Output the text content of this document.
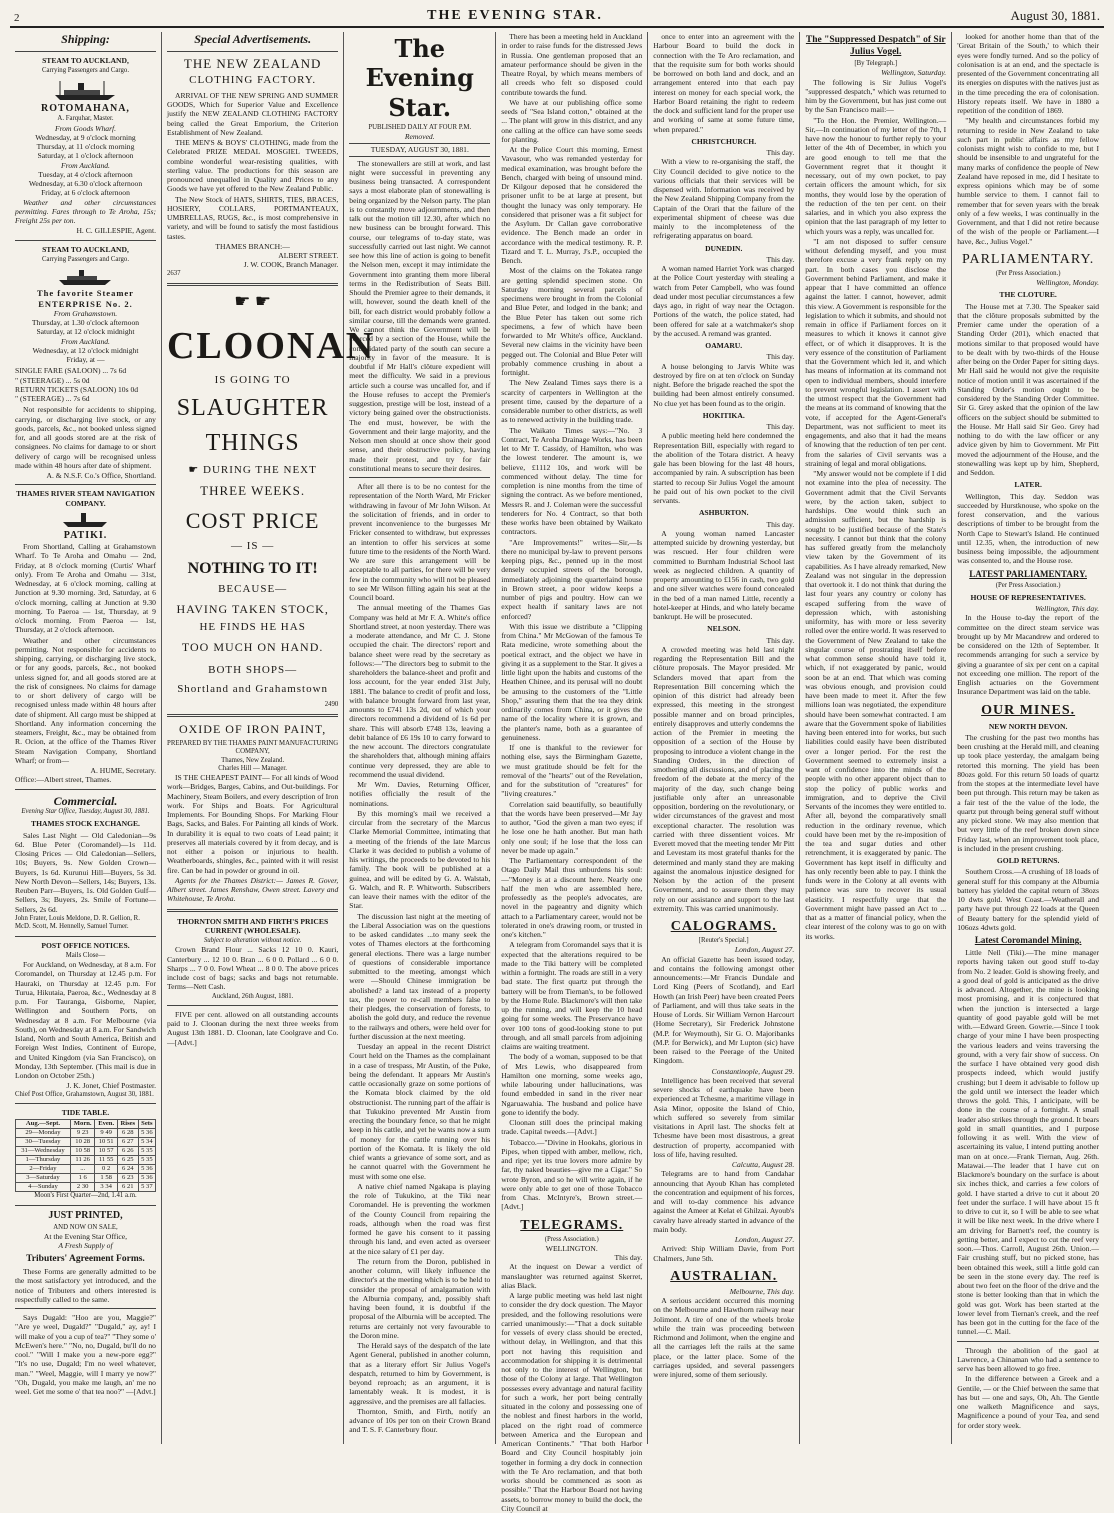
2	THE EVENING STAR.	August 30, 1881.
Shipping:
STEAM TO AUCKLAND,
Carrying Passengers and Cargo.
ROTOMAHANA,
A. Farquhar, Master.
From Goods Wharf.
Wednesday, at 9 o'clock morning
Thursday, at 11 o'clock morning
Saturday, at 1 o'clock afternoon
From Auckland.
Tuesday, at 4 o'clock afternoon
Wednesday, at 6.30 o'clock afternoon
Friday, at 6 o'clock afternoon

Weather and other circumstances permitting. Fares through to Te Aroha, 15s; Freight 25s per ton.

H. C. GILLESPIE, Agent.
STEAM TO AUCKLAND,
Carrying Passengers and Cargo.
The favorite Steamer ENTERPRISE No. 2.
From Grahamstown.
Thursday, at 1.30 o'clock afternoon
Saturday, at 12 o'clock midnight
From Auckland.
Wednesday, at 12 o'clock midnight
Friday, at —
SINGLE FARE (SALOON) ... 7s 6d
" (STEERAGE) ... 5s 0d
RETURN TICKETS (SALOON) 10s 0d
" (STEERAGE) ... 7s 6d

Not responsible for accidents to shipping, carrying, or discharging live stock, or any goods, parcels, &c., not booked unless signed for, and all goods stored are at the risk of consignees. No claims for damage to or short delivery of cargo will be recognised unless made within 48 hours after date of shipment.

A. & N.S.F. Co.'s Office, Shortland.
THAMES RIVER STEAM NAVIGATION COMPANY.
PATIKI.

From Shortland, Calling at Grahamstown Wharf. To Te Aroha and Omahu — 2nd, Friday, at 8 o'clock morning (Curtis' Wharf only). From Te Aroha and Omahu — 31st, Wednesday, at 6 o'clock morning, calling at Junction at 9.30 morning. 3rd, Saturday, at 6 o'clock morning, calling at Junction at 9.30 morning. To Paeroa — 1st, Thursday, at 9 o'clock morning. From Paeroa — 1st, Thursday, at 2 o'clock afternoon.

Weather and other circumstances permitting. Not responsible for accidents to shipping, carrying, or discharging live stock, or for any goods, parcels, &c., not booked unless signed for, and all goods stored are at the risk of consignees. No claims for damage to or short delivery of cargo will be recognised unless made within 48 hours after date of shipment. All cargo must be shipped at Shortland. Any information concerning the steamers, Freight, &c., may be obtained from R. Ocion, at the office of the Thames River Steam Navigation Company, Shortland Wharf; or from—

A. HUME, Secretary.
Office:—Albert street, Thames.
Commercial.
Evening Star Office, Tuesday, August 30, 1881.
THAMES STOCK EXCHANGE.

Sales Last Night — Old Caledonian—9s 6d. Blue Peter (Coromandel)—1s 11d. Closing Prices — Old Caledonian—Sellers, 10s; Buyers, 9s. New Golden Crown—Buyers, 1s 6d. Kurunui Hill—Buyers, 5s 3d. New North Devon—Sellers, 14s; Buyers, 13s. Reuben Parr—Buyers, 1s. Old Golden Gulf—Sellers, 3s; Buyers, 2s. Smile of Fortune—Sellers, 2s 6d.

John Frater, Louis Meldone, D. R. Gellion, R. McD. Scott, M. Hennelly, Samuel Turner.
POST OFFICE NOTICES.
Mails Close—

For Auckland, on Wednesday, at 8 a.m. For Coromandel, on Thursday at 12.45 p.m. For Hauraki, on Thursday at 12.45 p.m. For Turua, Hikutaia, Paeroa, &c., Wednesday at 8 p.m. For Tauranga, Gisborne, Napier, Wellington and Southern Ports, on Wednesday at 8 a.m. For Melbourne (via South), on Wednesday at 8 a.m. For Sandwich Island, North and South America, British and Foreign West Indies, Continent of Europe, and United Kingdom (via San Francisco), on Monday, 13th September. (This mail is due in London on October 25th.)

J. K. Jonet, Chief Postmaster.
Chief Post Office, Grahamstown, August 30, 1881.
TIDE TABLE.
Aug.—Sept.	Morn.	Even.	Rises	Sets
29—Monday	9 23	9 49	6 28	5 36
30—Tuesday	10 28	10 51	6 27	5 34
31—Wednesday	10 58	10 57	6 26	5 35
1—Thursday	11 26	11 55	6 25	5 35
2—Friday	...	0 2	6 24	5 36
3—Saturday	1 6	1 58	6 23	5 36
4—Sunday	2 30	3 34	6 21	5 37
Moon's First Quarter—2nd, 1.41 a.m.
JUST PRINTED,
AND NOW ON SALE,
At the Evening Star Office,
A Fresh Supply of
Tributers' Agreement Forms.

These Forms are generally admitted to be the most satisfactory yet introduced, and the notice of Tributers and others interested is respectfully called to the same.

Says Dugald: "Hoo are you, Maggie?" "Are ye weel, Dugald?" "Dugald," ay, ay! I will make of you a cup of tea?" "They some o' McEwen's here." "No, no, Dugald, bu'll do no cool." "Will I make you a new-pore egg?" "It's no use, Dugald; I'm no weel whatever, man." "Weel, Maggie, will I marry ye now?" "Oh, Dugald, you make me laugh, an' me no weel. Get me some o' that tea noo?" —[Advt.]

Special Advertisements.
THE NEW ZEALAND
CLOTHING FACTORY.

ARRIVAL OF THE NEW SPRING AND SUMMER GOODS, Which for Superior Value and Excellence justify the NEW ZEALAND CLOTHING FACTORY being called the Great Emporium, the Criterion Establishment of New Zealand.

THE MEN'S & BOYS' CLOTHING, made from the Celebrated PRIZE MEDAL MOSGIEL TWEEDS, combine wonderful wear-resisting qualities, with sterling value. The productions for this season are pronounced unequalled in Quality and Prices to any Goods we have yet offered to the New Zealand Public.

The New Stock of HATS, SHIRTS, TIES, BRACES, HOSIERY, COLLARS, PORTMANTEAUX, UMBRELLAS, RUGS, &c., is most comprehensive in variety, and will be found to satisfy the most fastidious tastes.

THAMES BRANCH:—
ALBERT STREET.
J. W. COOK, Branch Manager.
2637
☛ ☛
CLOONAN
IS GOING TO
SLAUGHTER
THINGS
☛ DURING THE NEXT
THREE WEEKS.
COST PRICE
— IS —
NOTHING TO IT!
BECAUSE—
HAVING TAKEN STOCK,
HE FINDS HE HAS
TOO MUCH ON HAND.
BOTH SHOPS—
Shortland and Grahamstown
2490
OXIDE OF IRON PAINT,
PREPARED BY THE THAMES PAINT MANUFACTURING COMPANY,
Thames, New Zealand.
Charles Hill — Manager.

IS THE CHEAPEST PAINT— For all kinds of Wood work—Bridges, Barges, Cabins, and Out-buildings. For Machinery, Steam Boilers, and every description of Iron work. For Ships and Boats. For Agricultural Implements. For Bounding Shops. For Marking Flour Bags, Sacks, and Bales. For Painting all kinds of Work. In durability it is equal to two coats of Lead paint; it preserves all materials covered by it from decay, and is not either a poison or injurious to health. Weatherboards, shingles, &c., painted with it will resist fire. Can be had in powder or ground in oil.

Agents for the Thames District:— James R. Gover, Albert street. James Renshaw, Owen street. Lavery and Whitehouse, Te Aroha.

THORNTON SMITH AND FIRTH'S PRICES CURRENT (WHOLESALE).
Subject to alteration without notice.

Crown Brand Flour ... Sacks 12 10 0. Kauri, Canterbury ... 12 10 0. Bran ... 6 0 0. Pollard ... 6 0 0. Sharps ... 7 0 0. Fowl Wheat ... 8 0 0. The above prices include cost of bags; sacks and bags not returnable. Terms—Nett Cash.

Auckland, 26th August, 1881.

FIVE per cent. allowed on all outstanding accounts paid to J. Cloonan during the next three weeks from August 13th 1881. D. Cloonan, late Coolgrave and Co. —[Advt.]

The Evening Star.
PUBLISHED DAILY AT FOUR P.M.
Removed.
TUESDAY, AUGUST 30, 1881.

The stonewallers are still at work, and last night were successful in preventing any business being transacted. A correspondent says a most elaborate plan of stonewalling is being organized by the Nelson party. The plan is to constantly move adjournments, and then talk out the motion till 12.30, after which no new business can be brought forward. This course, our telegrams of to-day state, was successfully carried out last night. We cannot see how this line of action is going to benefit the Nelson men, except it may intimidate the Government into granting them more liberal terms in the Redistribution of Seats Bill. Should the Premier agree to their demands, it will, however, sound the death knell of the bill, for each district would probably follow a similar course, till the demands were granted. We cannot think the Government will be coerced by a section of the House, while the consolidated party of the south can secure a majority in favor of the measure. It is doubtful if Mr Hall's clôture expedient will meet the difficulty. We said in a previous article such a course was uncalled for, and if the House refuses to accept the Premier's suggestion, prestige will be lost, instead of a victory being gained over the obstructionists. The end must, however, be with the Government and their large majority, and the Nelson men should at once show their good sense, and their obstructive policy, having made their protest, and try for fair constitutional means to secure their desires.

After all there is to be no contest for the representation of the North Ward, Mr Fricker withdrawing in favour of Mr John Wilson. At the solicitation of friends, and in order to prevent inconvenience to the burgesses Mr Fricker consented to withdraw, but expresses an intention to offer his services at some future time to the residents of the North Ward. We are sure this arrangement will be acceptable to all parties, for there will be very few in the community who will not be pleased to see Mr Wilson filling again his seat at the Council board.

The annual meeting of the Thames Gas Company was held at Mr F. A. White's office Shortland street, at noon yesterday. There was a moderate attendance, and Mr C. J. Stone occupied the chair. The directors' report and balance sheet were read by the secretary as follows:—"The directors beg to submit to the shareholders the balance-sheet and profit and loss account, for the year ended 31st July, 1881. The balance to credit of profit and loss, with balance brought forward from last year, amounts to £741 13s 2d, out of which your directors recommend a dividend of 1s 6d per share. This will absorb £748 13s, leaving a debit balance of £6 19s 10 to carry forward to the new account. The directors congratulate the shareholders that, although mining affairs continue very depressed, they are able to recommend the usual dividend.

Mr Wm. Davies, Returning Officer, notifies officially the result of the nominations.

By this morning's mail we received a circular from the secretary of the Marcus Clarke Memorial Committee, intimating that a meeting of the friends of the late Marcus Clarke it was decided to publish a volume of his writings, the proceeds to be devoted to his family. The book will be published at a guinea, and will be edited by G. A. Walstab, G. Walch, and R. P. Whitworth. Subscribers can leave their names with the editor of the Star.

The discussion last night at the meeting of the Liberal Association was on the questions to be asked candidates ...to many seek the votes of Thames electors at the forthcoming general elections. There was a large number of questions of considerable importance submitted to the meeting, amongst which were —Should Chinese immigration be abolished? a land tax instead of a property tax, the power to re-call members false to their pledges, the conservation of forests, to abolish the gold duty, and reduce the revenue to the railways and others, were held over for further discussion at the next meeting.

Tuesday an appeal in the recent District Court held on the Thames as the complainant in a case of trespass, Mr Austin, of the Puke, being the defendant. It appears Mr Austin's cattle occasionally graze on some portions of the Komata block claimed by the old obstructionist. The running part of the affair is that Tukukino prevented Mr Austin from erecting the boundary fence, so that he might keep in his cattle, and yet he wants now a sum of money for the cattle running over his portion of the Komata. It is likely the old chief wants a grievance of some sort, and as he cannot quarrel with the Government he must with some one else.

A native chief named Ngakapa is playing the role of Tukukino, at the Tiki near Coromandel. He is preventing the workmen of the County Council from repairing the roads, although when the road was first formed he gave his consent to it passing through his land, and even acted as overseer at the nice salary of £1 per day.

The return from the Doron, published in another column, will likely influence the director's at the meeting which is to be held to consider the proposal of amalgamation with the Alburnia company, and, possibly shaft having been found, it is doubtful if the proposal of the Alburnia will be accepted. The returns are certainly not very favourable to the Doron mine.

The Herald says of the despatch of the late Agent General, published in another column, that as a literary effort Sir Julius Vogel's despatch, returned to him by Government, is beyond reproach; as an argument, it is lamentably weak. It is modest, it is aggressive, and the premises are all fallacies.

Thornton, Smith, and Firth, notify an advance of 10s per ton on their Crown Brand and T. S. F. Canterbury flour.

There has been a meeting held in Auckland in order to raise funds for the distressed Jews in Russia. One gentleman proposed that an amateur performance should be given in the Theatre Royal, by which means members of all creeds who felt so disposed could contribute towards the fund.

We have at our publishing office some seeds of "Sea Island cotton," obtained at the ... The plant will grow in this district, and any one calling at the office can have some seeds for planting.

At the Police Court this morning, Ernest Vavasour, who was remanded yesterday for medical examination, was brought before the Bench, charged with being of unsound mind. Dr Kilgour deposed that he considered the prisoner unfit to be at large at present, but thought the lunacy was only temporary. He considered that prisoner was a fit subject for the Asylum. Dr Callan gave corroborative evidence. The Bench made an order in accordance with the medical testimony. R. P. Tizard and T. L. Murray, J's.P., occupied the Bench.

Most of the claims on the Tokatea range are getting splendid specimen stone. On Saturday morning several parcels of specimens were brought in from the Colonial and Blue Peter, and lodged in the bank; and the Blue Peter has taken out some rich specimens, a few of which have been forwarded to Mr White's office, Auckland. Several new claims in the vicinity have been pegged out. The Colonial and Blue Peter will probably commence crushing in about a fortnight.

The New Zealand Times says there is a scarcity of carpenters in Wellington at the present time, caused by the departure of a considerable number to other districts, as well as to renewed activity in the building trade.

The Waikato Times says:—"No. 3 Contract, Te Aroha Drainage Works, has been let to Mr T. Cassidy, of Hamilton, who was the lowest tenderer. The amount is, we believe, £1112 10s, and work will be commenced without delay. The time for completion is nine months from the time of signing the contract. As we before mentioned, Messrs R. and J. Coleman were the successful tenderers for No. 4 Contract, so that both these works have been obtained by Waikato contractors.

"Are Improvements!" writes—Sir,—Is there no municipal by-law to prevent persons keeping pigs, &c., penned up in the most densely occupied streets of the borough, immediately adjoining the quarterlaind house in Brown street, a poor widow keeps a number of pigs and poultry. How can we expect health if sanitary laws are not enforced?

With this issue we distribute a "Clipping from China." Mr McGowan of the famous Te Rata medicine, wrote something about the poetical extract, and the object we have in giving it as a supplement to the Star. It gives a little light upon the habits and customs of the Heathen Chinee, and its perusal will no doubt be amusing to the customers of the "Little Shop," assuring them that the tea they drink ordinarily comes from China, or it gives the name of the locality where it is grown, and the planter's name, both as a guarantee of genuineness.

If one is thankful to the reviewer for nothing else, says the Birmingham Gazette, we must gratitude should be felt for the removal of the "hearts" out of the Revelation, and for the substitution of "creatures" for "living creatures."

Correlation said beautifully, so beautifully that the words have been preserved—Mr Jay to author, "God the given a man two eyes; if he lose one he hath another. But man hath only one soul; if he lose that the loss can never be made up again."

The Parliamentary correspondent of the Otago Daily Mail thus unburdens his soul:—"Money is at a discount here. Nearly one half the men who are assembled here, professedly as the people's advocates, are novel in the pageantry and dignity which attach to a Parliamentary career, would not be tolerated in one's drawing room, or trusted in one's kitchen."

A telegram from Coromandel says that it is expected that the alterations required to be made to the Tiki battery will be completed within a fortnight. The roads are still in a very bad state. The first quartz put through the battery will be from Tiernan's, to be followed by the Home Rule. Blackmore's will then take up the running, and will keep the 10 head going for some weeks. The Preservance have over 100 tons of good-looking stone to put through, and all small parcels from adjoining claims are waiting treatment.

The body of a woman, supposed to be that of Mrs Lewis, who disappeared from Hamilton one morning, some weeks ago, while labouring under hallucinations, was found embedded in sand in the river near Ngaruawahia. The husband and police have gone to identify the body.

Cloonan still does the principal making trade. Capital tweeds.—[Advt.]

Tobacco.—"Divine in Hookahs, glorious in Pipes, when tipped with amber, mellow, rich, and ripe; yet its true lovers more admire by far, thy naked beauties—give me a Cigar." So wrote Byron, and so he will write again, if he were only able to get one of those Tobacco from Chas. McIntyre's, Brown street.—[Advt.]

TELEGRAMS.
(Press Association.)
WELLINGTON.
This day.

At the inquest on Dewar a verdict of manslaughter was returned against Skerret, alias Black.

A large public meeting was held last night to consider the dry dock question. The Mayor presided, and the following resolutions were carried unanimously:—"That a dock suitable for vessels of every class should be erected, without delay, in Wellington, and that this port not having this requisition and accommodation for shipping it is detrimental not only to the interest of Wellington, but those of the Colony at large. That Wellington possesses every advantage and natural facility for such a work, her port being centrally situated in the colony and possessing one of the noblest and finest harbors in the world, placed on the right road of commerce between America and the European and American Continents." "That both Harbor Board and City Council hospitably join together in forming a dry dock in connection with the Te Aro reclamation, and that both works should be commenced as soon as possible." That the Harbour Board not having assets, to borrow money to build the dock, the City Council at

once to enter into an agreement with the Harbour Board to build the dock in connection with the Te Aro reclamation, and that the requisite sum for both works should be borrowed on both land and dock, and an arrangement entered into that each pay interest on money for each special work, the Harbor Board retaining the right to redeem the dock and sufficient land for the proper use and working of same at some future time, when prepared."

CHRISTCHURCH.
This day.

With a view to re-organising the staff, the City Council decided to give notice to the various officials that their services will be dispensed with. Information was received by the New Zealand Shipping Company from the Captain of the Orari that the failure of the experimental shipment of cheese was due mainly to the incompleteness of the refrigerating apparatus on board.

DUNEDIN.
This day.

A woman named Harriet York was charged at the Police Court yesterday with stealing a watch from Peter Campbell, who was found dead under most peculiar circumstances a few days ago, in right of way near the Octagon. Portions of the watch, the police stated, had been offered for sale at a watchmaker's shop by the accused. A remand was granted.

OAMARU.
This day.

A house belonging to Jarvis White was destroyed by fire on at ten o'clock on Sunday night. Before the brigade reached the spot the building had been almost entirely consumed. No clue yet has been found as to the origin.

HOKITIKA.
This day.

A public meeting held here condemned the Representation Bill, especially with regard to the abolition of the Totara district. A heavy gale has been blowing for the last 48 hours, accompanied by rain. A subscription has been started to recoup Sir Julius Vogel the amount he paid out of his own pocket to the civil servants.

ASHBURTON.
This day.

A young woman named Lancaster attempted suicide by drowning yesterday, but was rescued. Her four children were committed to Burnham Industrial School last week as neglected children. A quantity of property amounting to £156 in cash, two gold and one silver watches were found concealed in the bed of a man named Little, recently a hotel-keeper at Hinds, and who lately became bankrupt. He will be prosecuted.

NELSON.
This day.

A crowded meeting was held last night regarding the Representation Bill and the clôture proposals. The Mayor presided. Mr Sclanders moved that apart from the Representation Bill concerning which the opinion of this district had already been expressed, this meeting in the strongest possible manner and on broad principles, entirely disapproves and utterly condemns the action of the Premier in meeting the opposition of a section of the House by proposing to introduce a violent change in the Standing Orders, in the direction of smothering all discussions, and of placing the freedom of the debate at the mercy of the majority of the day, such change being justifiable only after an unreasonable opposition, bordering on the revolutionary, or wider circumstances of the gravest and most exceptional character. The resolution was carried with three dissentient voices. Mr Everett moved that the meeting tender Mr Pitt and Levestam its most grateful thanks for the determined and manly stand they are making against the anomalous injustice designed for Nelson by the action of the present Government, and to assure them they may rely on our assistance and support to the last extremity. This was carried unanimously.

CALOGRAMS.
[Reuter's Special.]
London, August 27.

An official Gazette has been issued today, and contains the following amongst other announcements:—Mr Francis Dundale and Lord King (Peers of Scotland), and Earl Howth (an Irish Peer) have been created Peers of Parliament, and will thus take seats in the House of Lords. Sir William Vernon Harcourt (Home Secretary), Sir Frederick Johnstone (M.P. for Weymouth), Sir G. O. Majoribanks (M.P. for Berwick), and Mr Lupton (sic) have been raised to the Peerage of the United Kingdom.

Constantinople, August 29.

Intelligence has been received that several severe shocks of earthquake have been experienced at Tchesme, a maritime village in Asia Minor, opposite the Island of Chio, which suffered so severely from similar visitations in April last. The shocks felt at Tchesme have been most disastrous, a great destruction of property, accompanied with loss of life, having resulted.

Calcutta, August 28.

Telegrams are to hand from Candahar announcing that Ayoub Khan has completed the concentration and equipment of his forces, and will to-day commence his advance against the Ameer at Kelat el Ghilzai. Ayoub's cavalry have already started in advance of the main body.

London, August 27.

Arrived: Ship William Davie, from Port Chalmers, June 5th.

AUSTRALIAN.
Melbourne, This day.

A serious accident occurred this morning on the Melbourne and Hawthorn railway near Jolimont. A tire of one of the wheels broke while the train was proceeding between Richmond and Jolimont, when the engine and all the carriages left the rails at the same place, or the latter place. Some of the carriages upsided, and several passengers were injured, some of them seriously.

The "Suppressed Despatch" of Sir Julius Vogel.
[By Telegraph.]
Wellington, Saturday.

The following is Sir Julius Vogel's "suppressed despatch," which was returned to him by the Government, but has just come out by the San Francisco mail:—

"To the Hon. the Premier, Wellington.—Sir,—In continuation of my letter of the 7th, I have now the honour to further reply to your letter of the 4th of December, in which you are good enough to tell me that the Government regret that it thought it necessary, out of my own pocket, to pay certain officers the amount which, for six months, they would lose by the operation of the reduction of the ten per cent. on their salaries, and in which you also express the opinion that the last paragraph of my letter to which yours was a reply, was uncalled for.

"I am not disposed to suffer censure without defending myself, and you must therefore excuse a very frank reply on my part. In both cases you disclose the Government behind Parliament, and make it appear that I have committed an offence against the latter. I cannot, however, admit this view. A Government is responsible for the legislation to which it submits, and should not remain in office if Parliament forces on it measures to which it knows it cannot give effect, or of which it disapproves. It is the very essence of the constitution of Parliament that the Government which led it, and which has means of information at its command not open to individual members, should interfere to prevent wrongful legislation. I assert with the utmost respect that the Government had the means at its command of knowing that the vote, if accepted for the Agent-General's Department, was not sufficient to meet its engagements, and also that it had the means of knowing that the reduction of ten per cent. from the salaries of Civil servants was a straining of legal and moral obligations.

"My answer would not be complete if I did not examine into the plea of necessity. The Government admit that the Civil Servants were, by the action taken, subject to hardships. One would think such an admission sufficient, but the hardship is sought to be justified because of the State's necessity. I cannot but think that the colony has suffered greatly from the melancholy view taken by the Government of its capabilities. As I have already remarked, New Zealand was not singular in the depression that overtook it. I do not think that during the last four years any country or colony has escaped suffering from the wave of depression which, with astonishing uniformity, has with more or less severity rolled over the entire world. It was reserved to the Government of New Zealand to take the singular course of prostrating itself before what common sense should have told it, which, if not exaggerated by panic, would soon be at an end. That which was coming was obvious enough, and provision could have been made to meet it. After the few millions loan was negotiated, the expenditure should have been somewhat contracted. I am aware that the Government spoke of liabilities having been entered into for works, but such liabilities could easily have been distributed over a longer period. For the rest the Government seemed to extremely insist a want of confidence into the minds of the people with no other apparent object than to stop the policy of public works and immigration, and to deprive the Civil Servants of the incomes they were entitled to. After all, beyond the comparatively small reduction in the ordinary revenue, which could have been met by the re-imposition of the tea and sugar duties and other retrenchment, it is exaggerated by panic. The Government has kept itself in difficulty and has only recently been able to pay. I think the funds were in the Colony at all events with patience was sure to recover its usual elasticity. I respectfully urge that the Government might have passed an Act to ... that as a matter of financial policy, when the clear interest of the colony was to go on with its works.

looked for another home than that of the 'Great Britain of the South,' to which their eyes were fondly turned. And so the policy of colonisation is at an end, and the spectacle is presented of the Government concentrating all its energies on disputes with the natives just as in the time preceding the era of colonisation. History repeats itself. We have in 1880 a repetition of the condition of 1869.

"My health and circumstances forbid my returning to reside in New Zealand to take such part in public affairs as my fellow colonists might wish to confide to me, but I should be insensible to and ungrateful for the many marks of confidence the people of New Zealand have reposed in me, did I hesitate to express opinions which may be of some humble service to them. I cannot fail to remember that for seven years with the break only of a few weeks, I was continually in the Government, and that I did not retire because of the wish of the people or Parliament.—I have, &c., Julius Vogel."

PARLIAMENTARY.
(Per Press Association.)
Wellington, Monday.
THE CLOTURE.

The House met at 7.30. The Speaker said that the clôture proposals submitted by the Premier came under the operation of a Standing Order (201), which enacted that motions similar to that proposed would have to be dealt with by two-thirds of the House after being on the Order Paper for sitting days. Mr Hall said he would not give the requisite notice of motion until it was ascertained if the Standing Order's motion ought to be considered by the Standing Order Committee. Sir G. Grey asked that the opinion of the law officers on the subject should be submitted to the House. Mr Hall said Sir Geo. Grey had nothing to do with the law officer or any advice given by him to Government. Mr Pitt moved the adjournment of the House, and the stonewalling was kept up by him, Shepherd, and Seddon.

LATER.

Wellington, This day. Seddon was succeeded by Hurstknouse, who spoke on the forest conservation, and the various descriptions of timber to be brought from the North Cape to Stewart's Island. He continued until 12.35, when, the introduction of new business being impossible, the adjournment was consented to, and the House rose.

LATEST PARLIAMENTARY.
(Per Press Association.)
HOUSE OF REPRESENTATIVES.
Wellington, This day.

In the House to-day the report of the committee on the direct steam service was brought up by Mr Macandrew and ordered to be considered on the 12th of September. It recommends arranging for such a service by giving a guarantee of six per cent on a capital not exceeding one million. The report of the English actuaries on the Government Insurance Department was laid on the table.

OUR MINES.
NEW NORTH DEVON.

The crushing for the past two months has been crushing at the Herald mill, and cleaning up took place yesterday, the amalgam being retorted this morning. The yield has been 80ozs gold. For this return 50 loads of quartz from the stopes at the intermediate level have been put through. This return may be taken as a fair test of the the value of the lode, the quartz put through being general stuff without any picked stone. We may also mention that but very little of the reef broken down since Friday last, when an improvement took place, is included in the present crushing.

GOLD RETURNS.

Southern Cross.—A crushing of 18 loads of general stuff for this company at the Alburnia battery has yielded the capital return of 38ozs 10 dwts gold. West Coast.—Weatherall and party have put through 22 loads at the Queen of Beauty battery for the splendid yield of 106ozs 4dwts gold.

Latest Coromandel Mining.

Little Nell (Tiki).—The mine manager reports having taken out good stuff to-day from No. 2 leader. Gold is showing freely, and a good deal of gold is anticipated as the drive is advanced. Altogether, the mine is looking most promising, and it is conjectured that when the junction is intersected a large quantity of good payable gold will be met with.—Edward Green. Gowrie.—Since I took charge of your mine I have been prospecting the various leaders and veins traversing the ground, with a very fair show of success. On the surface I have obtained very good dish prospects indeed, which would justify crushing; but I deem it advisable to follow up the gold until we intersect the leader which throws the gold. This, I anticipate, will be done in the course of a fortnight. A small leader also strikes through the ground. It bears gold in small quantities, and I purpose following it as well. With the view of ascertaining its value, I intend putting another man on at once.—Frank Tiernan, Aug. 26th. Matawai.—The leader that I have cut on Blackmore's boundary on the surface is about six inches thick, and carries a few colors of gold. I have started a drive to cut it about 20 feet under the surface. I will have about 15 ft to drive to cut it, so I will be able to see what it will be like next week. In the drive where I am driving for Barnett's reef, the country is getting better, and I expect to cut the reef very soon.—Thos. Carroll, August 26th. Union.—Fair crushing stuff, but no picked stone, has been obtained this week, still a little gold can be seen in the stone every day. The reef is about two feet on the floor of the drive and the stone is better looking than that in which the gold was got. Work has been started at the lower level from Tiernan's creek, and the reef has been got in the cutting for the face of the tunnel.—C. Mail.

Through the abolition of the gaol at Lawrence, a Chinaman who had a sentence to serve has been allowed to go free.

In the difference between a Greek and a Gentile, — or the Chief between the same that has but — one and says, Oh, Ah. The Gentle one walketh Magnificence and says, Magnificence a pound of your Tea, and send for order story week.
